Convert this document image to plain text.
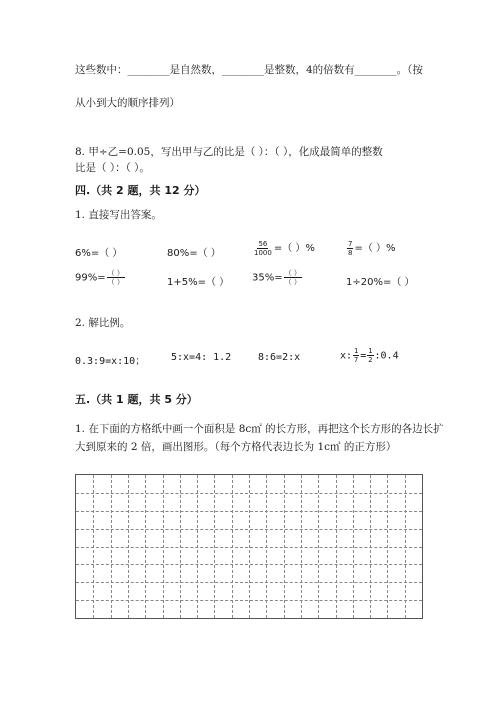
这些数中：________是自然数，________是整数，4的倍数有________。（按
从小到大的顺序排列）
8. 甲÷乙=0.05，写出甲与乙的比是（ ）：（ ），化成最简单的整数
比是（ ）：（ ）。
四.（共 2 题，共 12 分）
1. 直接写出答案。
6%=（ ）	80%=（ ）	$\frac{56}{1000}$ =（ ）%	$\frac{7}{8}$ =（ ）%
$99\%= \frac{( )}{( )}$	1+5%=（ ） $35\%= \frac{( )}{( )}$	1÷20%=（ ）
2. 解比例。
0.3:9=x:10；	5:x=4: 1.2	8:6=2:x	x: $\frac{1}{7} = \frac{1}{2}$ :0.4
五.（共 1 题，共 5 分）
1. 在下面的方格纸中画一个面积是 8c㎡ 的长方形，再把这个长方形的各边长扩
大到原来的 2 倍，画出图形。（每个方格代表边长为 1c㎡ 的正方形）
